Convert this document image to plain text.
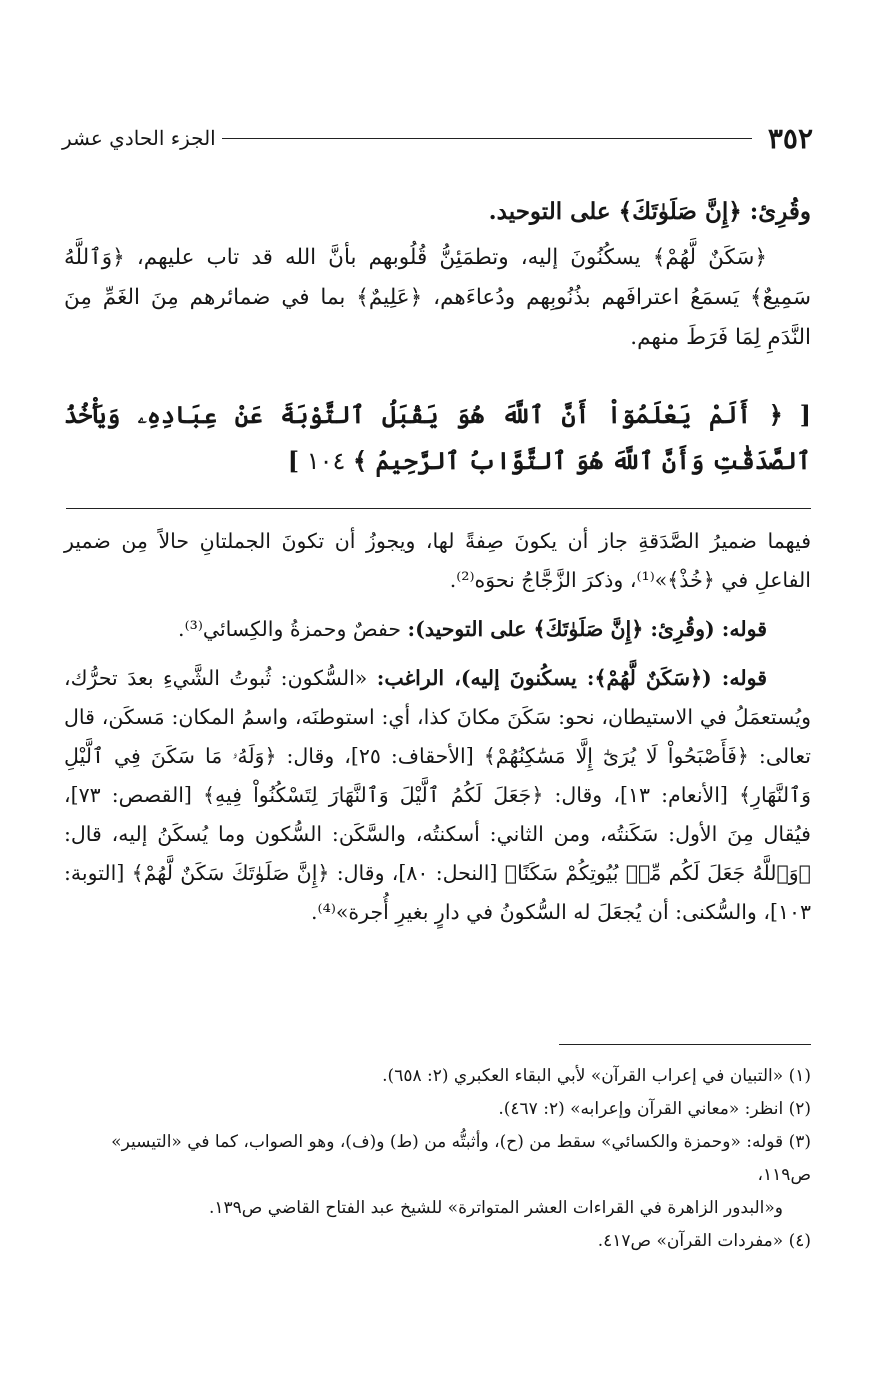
٣٥٢
الجزء الحادي عشر
وقُرِئ: ﴿إِنَّ صَلَوٰتَكَ﴾ على التوحيد.
﴿سَكَنٌ لَّهُمْ﴾ يسكُنُونَ إليه، وتطمَئِنُّ قُلُوبهم بأنَّ الله قد تاب عليهم، ﴿وَٱللَّهُ سَمِيعٌ﴾ يَسمَعُ اعترافَهم بذُنُوبِهم ودُعاءَهم، ﴿عَلِيمٌ﴾ بما في ضمائرهم مِنَ الغَمِّ مِنَ النَّدَمِ لِمَا فَرَطَ منهم.
[ ﴿ أَلَمْ يَعْلَمُوٓاْ أَنَّ ٱللَّهَ هُوَ يَقْبَلُ ٱلتَّوْبَةَ عَنْ عِبَادِهِۦ وَيَأْخُذُ ٱلصَّدَقَٰتِ وَأَنَّ ٱللَّهَ هُوَ ٱلتَّوَّابُ ٱلرَّحِيمُ ﴾ ١٠٤ ]

فيهما ضميرُ الصَّدَقةِ جاز أن يكونَ صِفةً لها، ويجوزُ أن تكونَ الجملتانِ حالاً مِن ضمير الفاعلِ في ﴿خُذْ﴾»⁽¹⁾، وذكرَ الزَّجَّاجُ نحوَه⁽²⁾.

قوله: (وقُرِئ: ﴿إِنَّ صَلَوٰتَكَ﴾ على التوحيد): حفصٌ وحمزةُ والكِسائي⁽³⁾.

قوله: (﴿سَكَنٌ لَّهُمْ﴾: يسكُنونَ إليه)، الراغب: «السُّكون: ثُبوتُ الشَّيءِ بعدَ تحرُّك، ويُستعمَلُ في الاستيطان، نحو: سَكَنَ مكانَ كذا، أي: استوطنَه، واسمُ المكان: مَسكَن، قال تعالى: ﴿فَأَصْبَحُواْ لَا يُرَىٰٓ إِلَّا مَسَٰكِنُهُمْ﴾ [الأحقاف: ٢٥]، وقال: ﴿وَلَهُۥ مَا سَكَنَ فِي ٱلَّيْلِ وَٱلنَّهَارِ﴾ [الأنعام: ١٣]، وقال: ﴿جَعَلَ لَكُمُ ٱلَّيْلَ وَٱلنَّهَارَ لِتَسْكُنُواْ فِيهِ﴾ [القصص: ٧٣]، فيُقال مِنَ الأول: سَكَنتُه، ومن الثاني: أسكنتُه، والسَّكَن: السُّكون وما يُسكَنُ إليه، قال: ﴿وَٱللَّهُ جَعَلَ لَكُم مِّنۢ بُيُوتِكُمْ سَكَنًا﴾ [النحل: ٨٠]، وقال: ﴿إِنَّ صَلَوٰتَكَ سَكَنٌ لَّهُمْ﴾ [التوبة: ١٠٣]، والسُّكنى: أن يُجعَلَ له السُّكونُ في دارٍ بغيرِ أُجرة»⁽⁴⁾.

(١) «التبيان في إعراب القرآن» لأبي البقاء العكبري (٢: ٦٥٨).

(٢) انظر: «معاني القرآن وإعرابه» (٢: ٤٦٧).

(٣) قوله: «وحمزة والكسائي» سقط من (ح)، وأثبتُّه من (ط) و(ف)، وهو الصواب، كما في «التيسير» ص١١٩،

و«البدور الزاهرة في القراءات العشر المتواترة» للشيخ عبد الفتاح القاضي ص١٣٩.

(٤) «مفردات القرآن» ص٤١٧.
